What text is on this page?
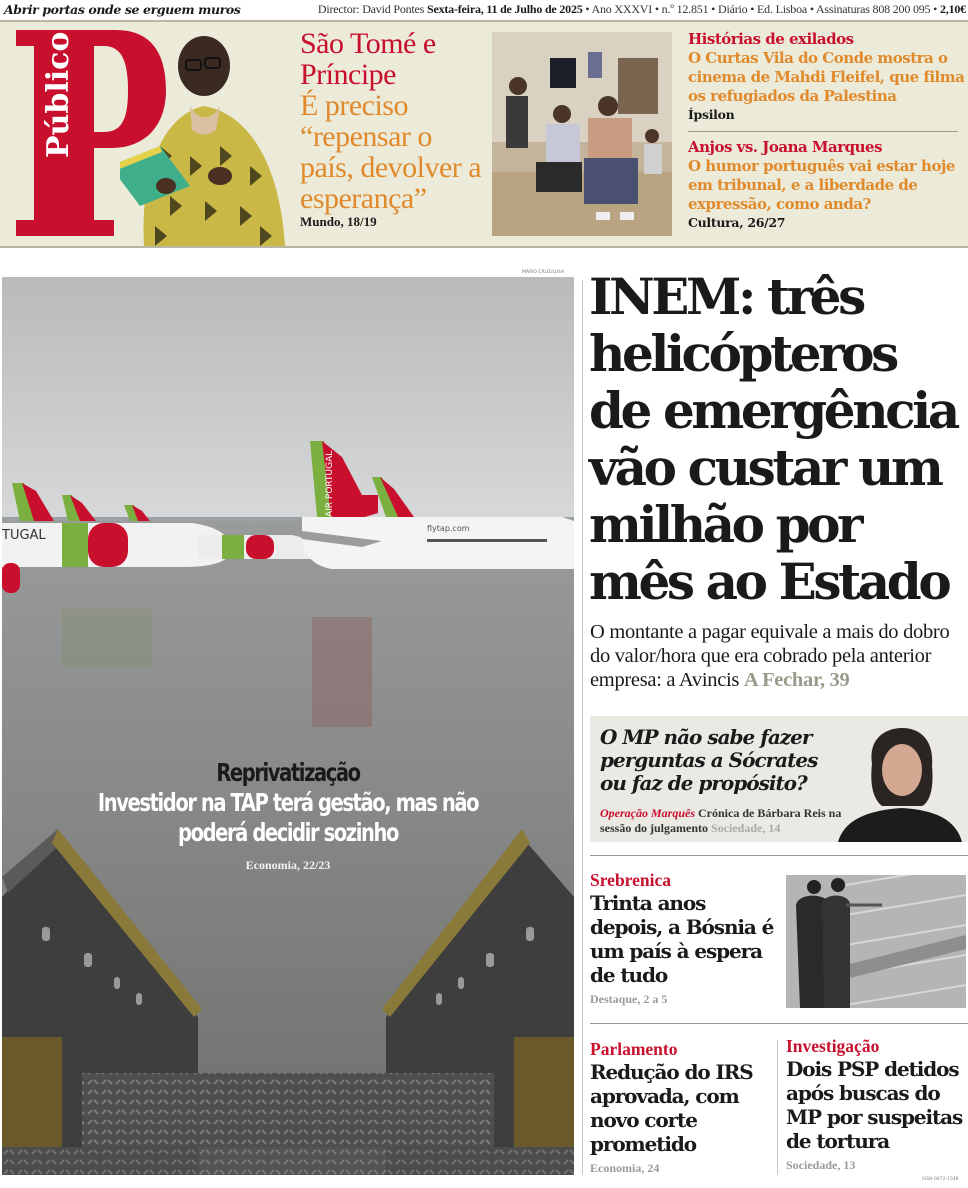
Abrir portas onde se erguem muros	Director: David Pontes Sexta-feira, 11 de Julho de 2025 • Ano XXXVI • n.º 12.851 • Diário • Ed. Lisboa • Assinaturas 808 200 095 • 2,10€
Público	São Tomé e Príncipe
É preciso “repensar o país, devolver a esperança”
Mundo, 18/19
Histórias de exilados
O Curtas Vila do Conde mostra o cinema de Mahdi Fleifel, que filma os refugiados da Palestina
Ípsilon
Anjos vs. Joana Marques
O humor português vai estar hoje em tribunal, e a liberdade de expressão, como anda?
Cultura, 26/27
MÁRIO CRUZ/LUSA
AIR PORTUGAL
TUGAL	flytap.com
Reprivatização
Investidor na TAP terá gestão, mas não poderá decidir sozinho
Economia, 22/23
INEM: três helicópteros de emergência vão custar um milhão por mês ao Estado
O montante a pagar equivale a mais do dobro do valor/hora que era cobrado pela anterior empresa: a Avincis A Fechar, 39
O MP não sabe fazer perguntas a Sócrates ou faz de propósito?
Operação Marquês Crónica de Bárbara Reis na sessão do julgamento Sociedade, 14
Srebrenica
Trinta anos depois, a Bósnia é um país à espera de tudo
Destaque, 2 a 5
Parlamento
Redução do IRS aprovada, com novo corte prometido
Economia, 24
Investigação
Dois PSP detidos após buscas do MP por suspeitas de tortura
Sociedade, 13
ISSN-0872-1548
